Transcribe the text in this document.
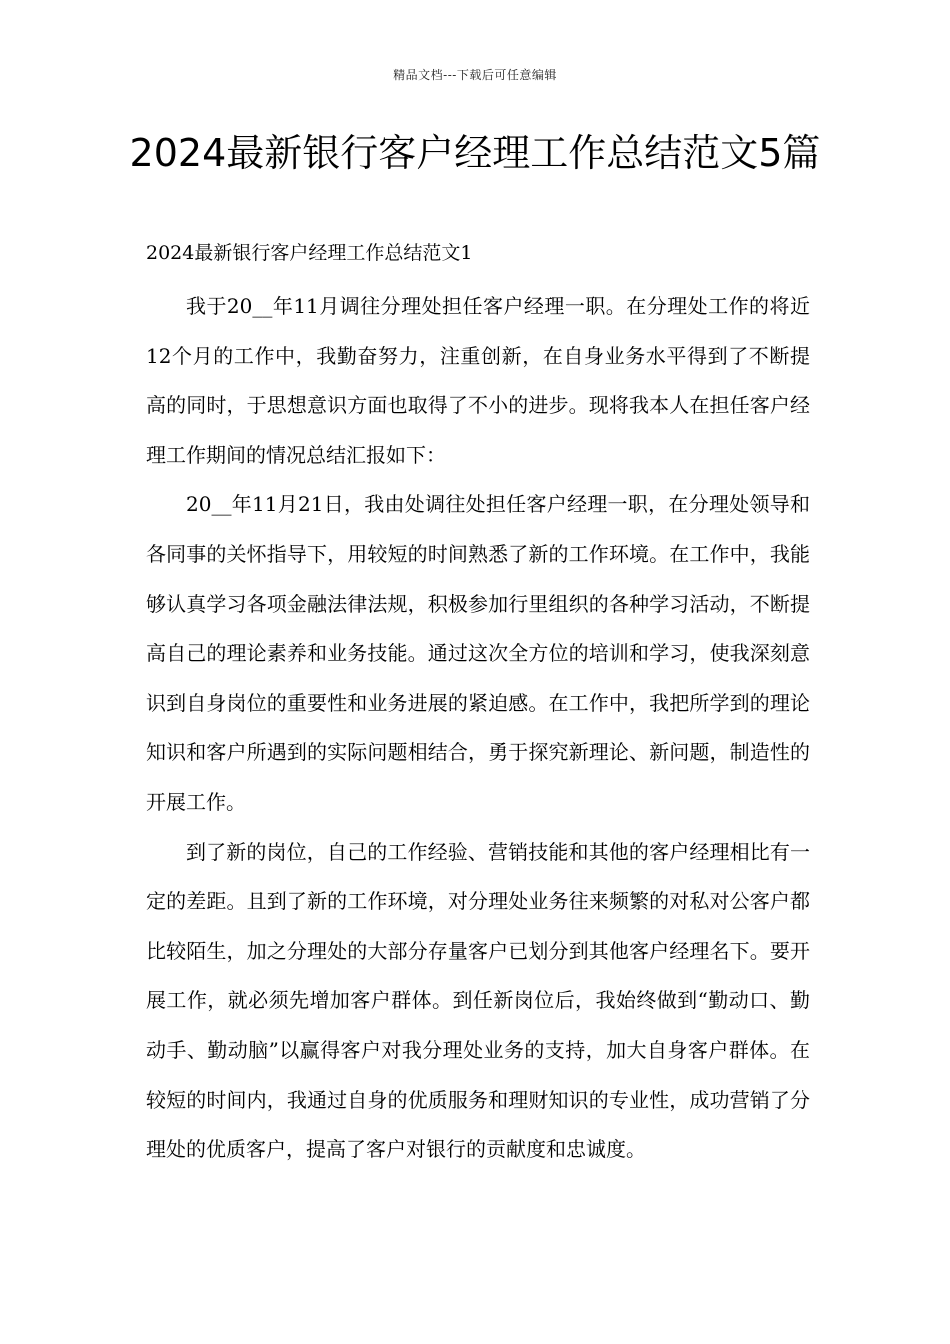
精品文档---下载后可任意编辑
2024最新银行客户经理工作总结范文5篇

2024最新银行客户经理工作总结范文1

我于20__年11月调往分理处担任客户经理一职。在分理处工作的将近12个月的工作中，我勤奋努力，注重创新，在自身业务水平得到了不断提高的同时，于思想意识方面也取得了不小的进步。现将我本人在担任客户经理工作期间的情况总结汇报如下：

20__年11月21日，我由处调往处担任客户经理一职，在分理处领导和各同事的关怀指导下，用较短的时间熟悉了新的工作环境。在工作中，我能够认真学习各项金融法律法规，积极参加行里组织的各种学习活动，不断提高自己的理论素养和业务技能。通过这次全方位的培训和学习，使我深刻意识到自身岗位的重要性和业务进展的紧迫感。在工作中，我把所学到的理论知识和客户所遇到的实际问题相结合，勇于探究新理论、新问题，制造性的开展工作。

到了新的岗位，自己的工作经验、营销技能和其他的客户经理相比有一定的差距。且到了新的工作环境，对分理处业务往来频繁的对私对公客户都比较陌生，加之分理处的大部分存量客户已划分到其他客户经理名下。要开展工作，就必须先增加客户群体。到任新岗位后，我始终做到“勤动口、勤动手、勤动脑”以赢得客户对我分理处业务的支持，加大自身客户群体。在较短的时间内，我通过自身的优质服务和理财知识的专业性，成功营销了分理处的优质客户，提高了客户对银行的贡献度和忠诚度。
